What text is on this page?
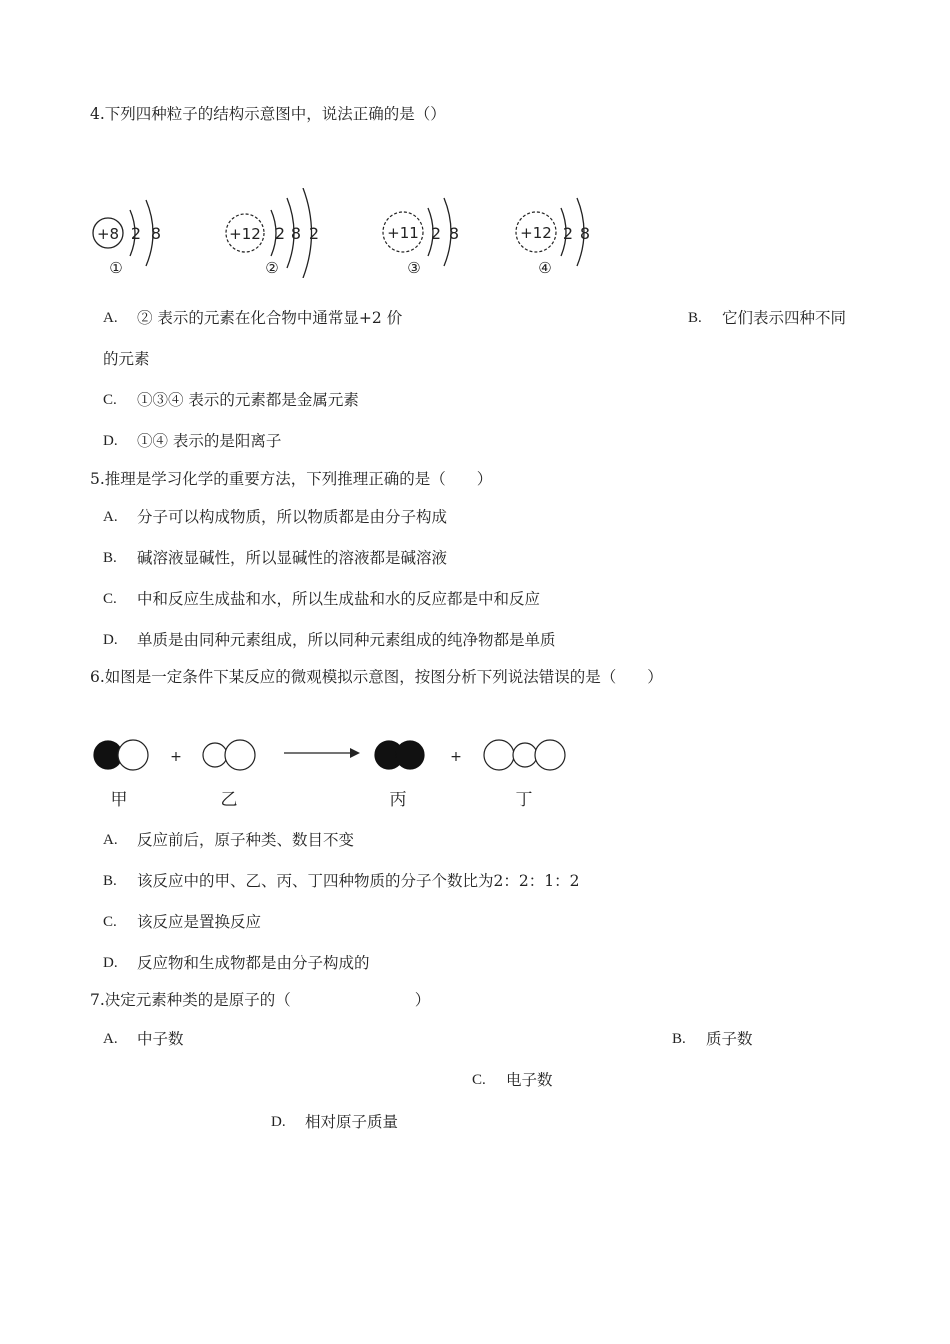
4.下列四种粒子的结构示意图中，说法正确的是（）
+8 2 8
①
+12 2 8 2
②
+11 2 8
③
+12 2 8
④
A. ② 表示的元素在化合物中通常显+2 价	B. 它们表示四种不同
的元素
C. ①③④ 表示的元素都是金属元素
D. ①④ 表示的是阳离子
5.推理是学习化学的重要方法，下列推理正确的是（　　）
A. 分子可以构成物质，所以物质都是由分子构成
B. 碱溶液显碱性，所以显碱性的溶液都是碱溶液
C. 中和反应生成盐和水，所以生成盐和水的反应都是中和反应
D. 单质是由同种元素组成，所以同种元素组成的纯净物都是单质
6.如图是一定条件下某反应的微观模拟示意图，按图分析下列说法错误的是（　　）
+	+
甲	乙	丙	丁
A. 反应前后，原子种类、数目不变
B. 该反应中的甲、乙、丙、丁四种物质的分子个数比为2：2：1：2
C. 该反应是置换反应
D. 反应物和生成物都是由分子构成的
7.决定元素种类的是原子的（　　　　　　　　）
A. 中子数	B. 质子数
C. 电子数
D. 相对原子质量
